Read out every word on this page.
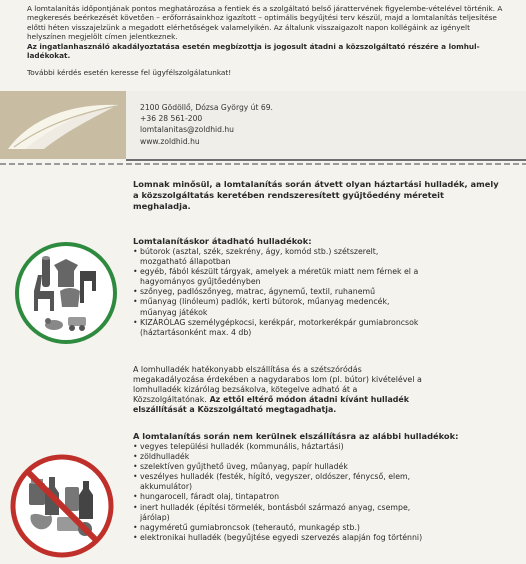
A lomtalanítás időpontjának pontos meghatározása a fentiek és a szolgáltató belső járattervének figyelembe-vételével történik. A megkeresés beérkezését követően – erőforrásainkhoz igazított – optimális begyűjtési terv készül, majd a lomtalanítás teljesítése előtti héten visszajelzünk a megadott elérhetőségek valamelyikén. Az általunk visszaigazolt napon kollégáink az igényelt helyszínen megjelölt címen jelentkeznek.

Az ingatlanhasználó akadályoztatása esetén megbízottja is jogosult átadni a közszolgáltató részére a lomhul-ladékokat.

További kérdés esetén keresse fel ügyfélszolgálatunkat!

2100 Gödöllő, Dózsa György út 69.
+36 28 561-200
lomtalanitas@zoldhid.hu
www.zoldhid.hu
Lomnak minősül, a lomtalanítás során átvett olyan háztartási hulladék, amely a közszolgáltatás keretében rendszeresített gyűjtőedény méreteit meghaladja.
Lomtalanításkor átadható hulladékok:
• bútorok (asztal, szék, szekrény, ágy, komód stb.) szétszerelt,
mozgatható állapotban
• egyéb, fából készült tárgyak, amelyek a méretük miatt nem férnek el a
hagyományos gyűjtőedényben
• szőnyeg, padlószőnyeg, matrac, ágynemű, textil, ruhanemű
• műanyag (linóleum) padlók, kerti bútorok, műanyag medencék,
műanyag játékok
• KIZÁRÓLAG személygépkocsi, kerékpár, motorkerékpár gumiabroncsok
(háztartásonként max. 4 db)
A lomhulladék hatékonyabb elszállítása és a szétszóródás
megakadályozása érdekében a nagydarabos lom (pl. bútor) kivételével a
lomhulladék kizárólag bezsákolva, kötegelve adható át a
Közszolgáltatónak. Az ettől eltérő módon átadni kívánt hulladék
elszállítását a Közszolgáltató megtagadhatja.
A lomtalanítás során nem kerülnek elszállításra az alábbi hulladékok:
• vegyes települési hulladék (kommunális, háztartási)
• zöldhulladék
• szelektíven gyűjthető üveg, műanyag, papír hulladék
• veszélyes hulladék (festék, hígító, vegyszer, oldószer, fénycső, elem,
akkumulátor)
• hungarocell, fáradt olaj, tintapatron
• inert hulladék (építési törmelék, bontásból származó anyag, csempe,
járólap)
• nagyméretű gumiabroncsok (teherautó, munkagép stb.)
• elektronikai hulladék (begyűjtése egyedi szervezés alapján fog történni)
